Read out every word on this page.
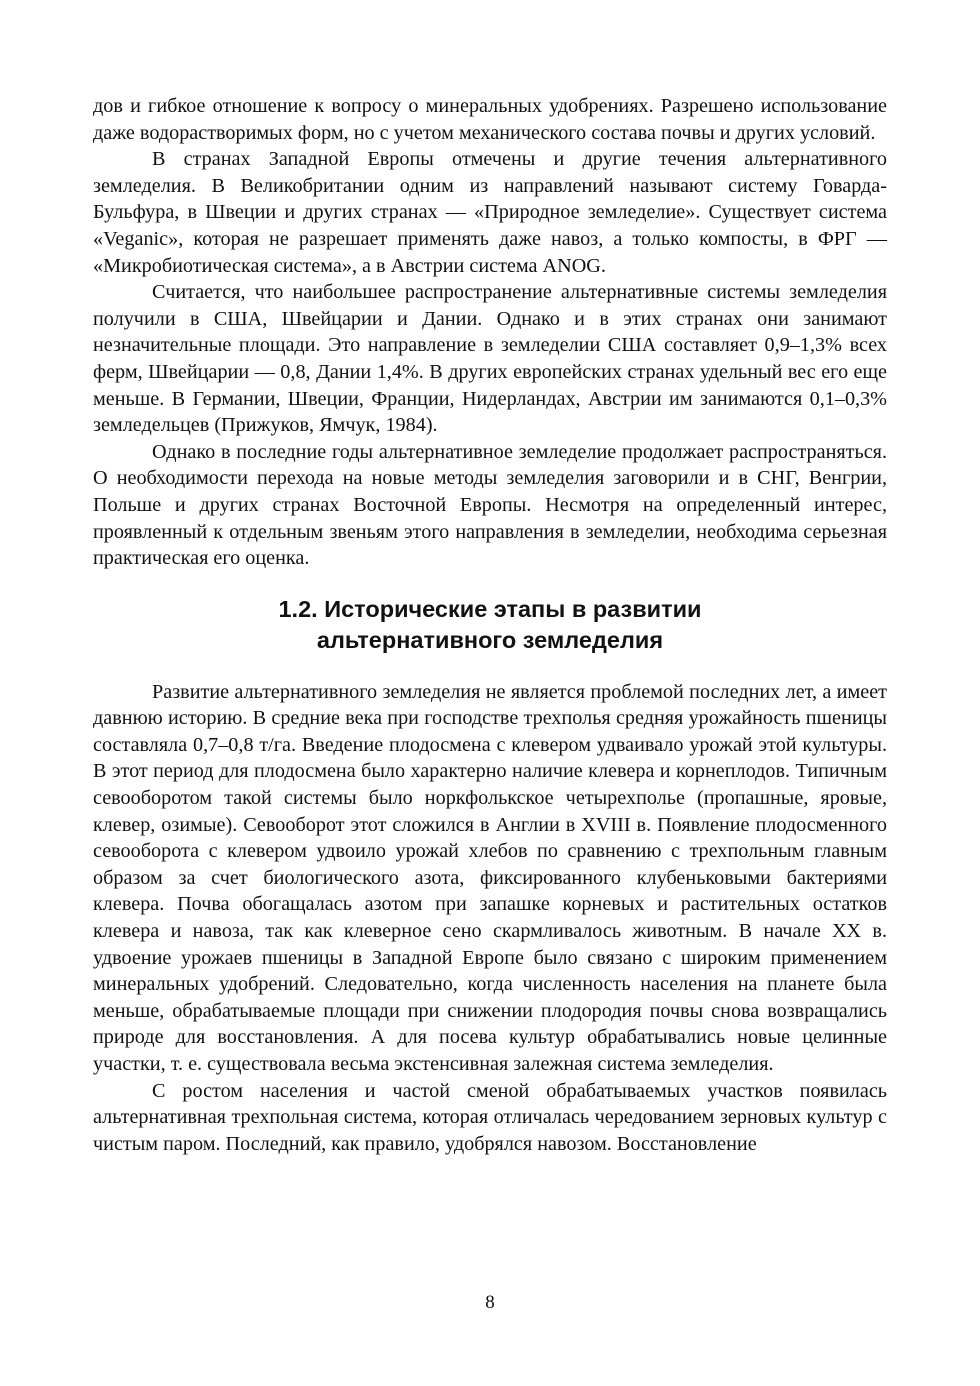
дов и гибкое отношение к вопросу о минеральных удобрениях. Разрешено использование даже водорастворимых форм, но с учетом механического состава почвы и других условий.

В странах Западной Европы отмечены и другие течения альтернативного земледелия. В Великобритании одним из направлений называют систему Говарда-Бульфура, в Швеции и других странах — «Природное земледелие». Существует система «Veganic», которая не разрешает применять даже навоз, а только компосты, в ФРГ — «Микробиотическая система», а в Австрии система ANOG.

Считается, что наибольшее распространение альтернативные системы земледелия получили в США, Швейцарии и Дании. Однако и в этих странах они занимают незначительные площади. Это направление в земледелии США составляет 0,9–1,3% всех ферм, Швейцарии — 0,8, Дании 1,4%. В других европейских странах удельный вес его еще меньше. В Германии, Швеции, Франции, Нидерландах, Австрии им занимаются 0,1–0,3% земледельцев (Прижуков, Ямчук, 1984).

Однако в последние годы альтернативное земледелие продолжает распространяться. О необходимости перехода на новые методы земледелия заговорили и в СНГ, Венгрии, Польше и других странах Восточной Европы. Несмотря на определенный интерес, проявленный к отдельным звеньям этого направления в земледелии, необходима серьезная практическая его оценка.

1.2. Исторические этапы в развитии
альтернативного земледелия

Развитие альтернативного земледелия не является проблемой последних лет, а имеет давнюю историю. В средние века при господстве трехполья средняя урожайность пшеницы составляла 0,7–0,8 т/га. Введение плодосмена с клевером удваивало урожай этой культуры. В этот период для плодосмена было характерно наличие клевера и корнеплодов. Типичным севооборотом такой системы было норкфолькское четырехполье (пропашные, яровые, клевер, озимые). Севооборот этот сложился в Англии в XVIII в. Появление плодосменного севооборота с клевером удвоило урожай хлебов по сравнению с трехпольным главным образом за счет биологического азота, фиксированного клубеньковыми бактериями клевера. Почва обогащалась азотом при запашке корневых и растительных остатков клевера и навоза, так как клеверное сено скармливалось животным. В начале XX в. удвоение урожаев пшеницы в Западной Европе было связано с широким применением минеральных удобрений. Следовательно, когда численность населения на планете была меньше, обрабатываемые площади при снижении плодородия почвы снова возвращались природе для восстановления. А для посева культур обрабатывались новые целинные участки, т. е. существовала весьма экстенсивная залежная система земледелия.

С ростом населения и частой сменой обрабатываемых участков появилась альтернативная трехпольная система, которая отличалась чередованием зерновых культур с чистым паром. Последний, как правило, удобрялся навозом. Восстановление

8
